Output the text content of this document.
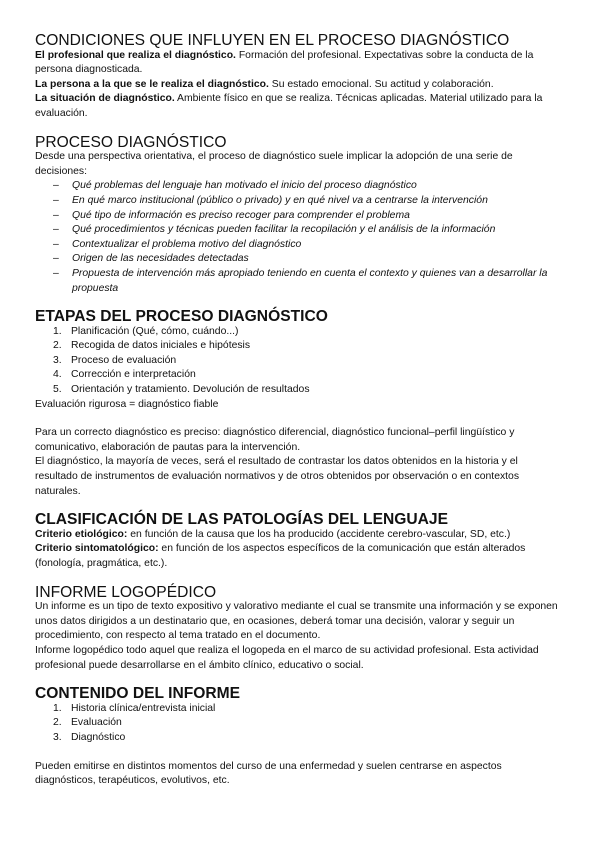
CONDICIONES QUE INFLUYEN EN EL PROCESO DIAGNÓSTICO

El profesional que realiza el diagnóstico. Formación del profesional. Expectativas sobre la conducta de la persona diagnosticada.

La persona a la que se le realiza el diagnóstico. Su estado emocional. Su actitud y colaboración.

La situación de diagnóstico. Ambiente físico en que se realiza. Técnicas aplicadas. Material utilizado para la evaluación.

PROCESO DIAGNÓSTICO

Desde una perspectiva orientativa, el proceso de diagnóstico suele implicar la adopción de una serie de decisiones:

– Qué problemas del lenguaje han motivado el inicio del proceso diagnóstico
– En qué marco institucional (público o privado) y en qué nivel va a centrarse la intervención
– Qué tipo de información es preciso recoger para comprender el problema
– Qué procedimientos y técnicas pueden facilitar la recopilación y el análisis de la información
– Contextualizar el problema motivo del diagnóstico
– Origen de las necesidades detectadas
– Propuesta de intervención más apropiado teniendo en cuenta el contexto y quienes van a desarrollar la propuesta
ETAPAS DEL PROCESO DIAGNÓSTICO
1. Planificación (Qué, cómo, cuándo...)
2. Recogida de datos iniciales e hipótesis
3. Proceso de evaluación
4. Corrección e interpretación
5. Orientación y tratamiento. Devolución de resultados

Evaluación rigurosa = diagnóstico fiable

Para un correcto diagnóstico es preciso: diagnóstico diferencial, diagnóstico funcional–perfil lingüístico y comunicativo, elaboración de pautas para la intervención.

El diagnóstico, la mayoría de veces, será el resultado de contrastar los datos obtenidos en la historia y el resultado de instrumentos de evaluación normativos y de otros obtenidos por observación o en contextos naturales.

CLASIFICACIÓN DE LAS PATOLOGÍAS DEL LENGUAJE

Criterio etiológico: en función de la causa que los ha producido (accidente cerebro-vascular, SD, etc.)

Criterio sintomatológico: en función de los aspectos específicos de la comunicación que están alterados (fonología, pragmática, etc.).

INFORME LOGOPÉDICO

Un informe es un tipo de texto expositivo y valorativo mediante el cual se transmite una información y se exponen unos datos dirigidos a un destinatario que, en ocasiones, deberá tomar una decisión, valorar y seguir un procedimiento, con respecto al tema tratado en el documento.

Informe logopédico todo aquel que realiza el logopeda en el marco de su actividad profesional. Esta actividad profesional puede desarrollarse en el ámbito clínico, educativo o social.

CONTENIDO DEL INFORME
1. Historia clínica/entrevista inicial
2. Evaluación
3. Diagnóstico

Pueden emitirse en distintos momentos del curso de una enfermedad y suelen centrarse en aspectos diagnósticos, terapéuticos, evolutivos, etc.
